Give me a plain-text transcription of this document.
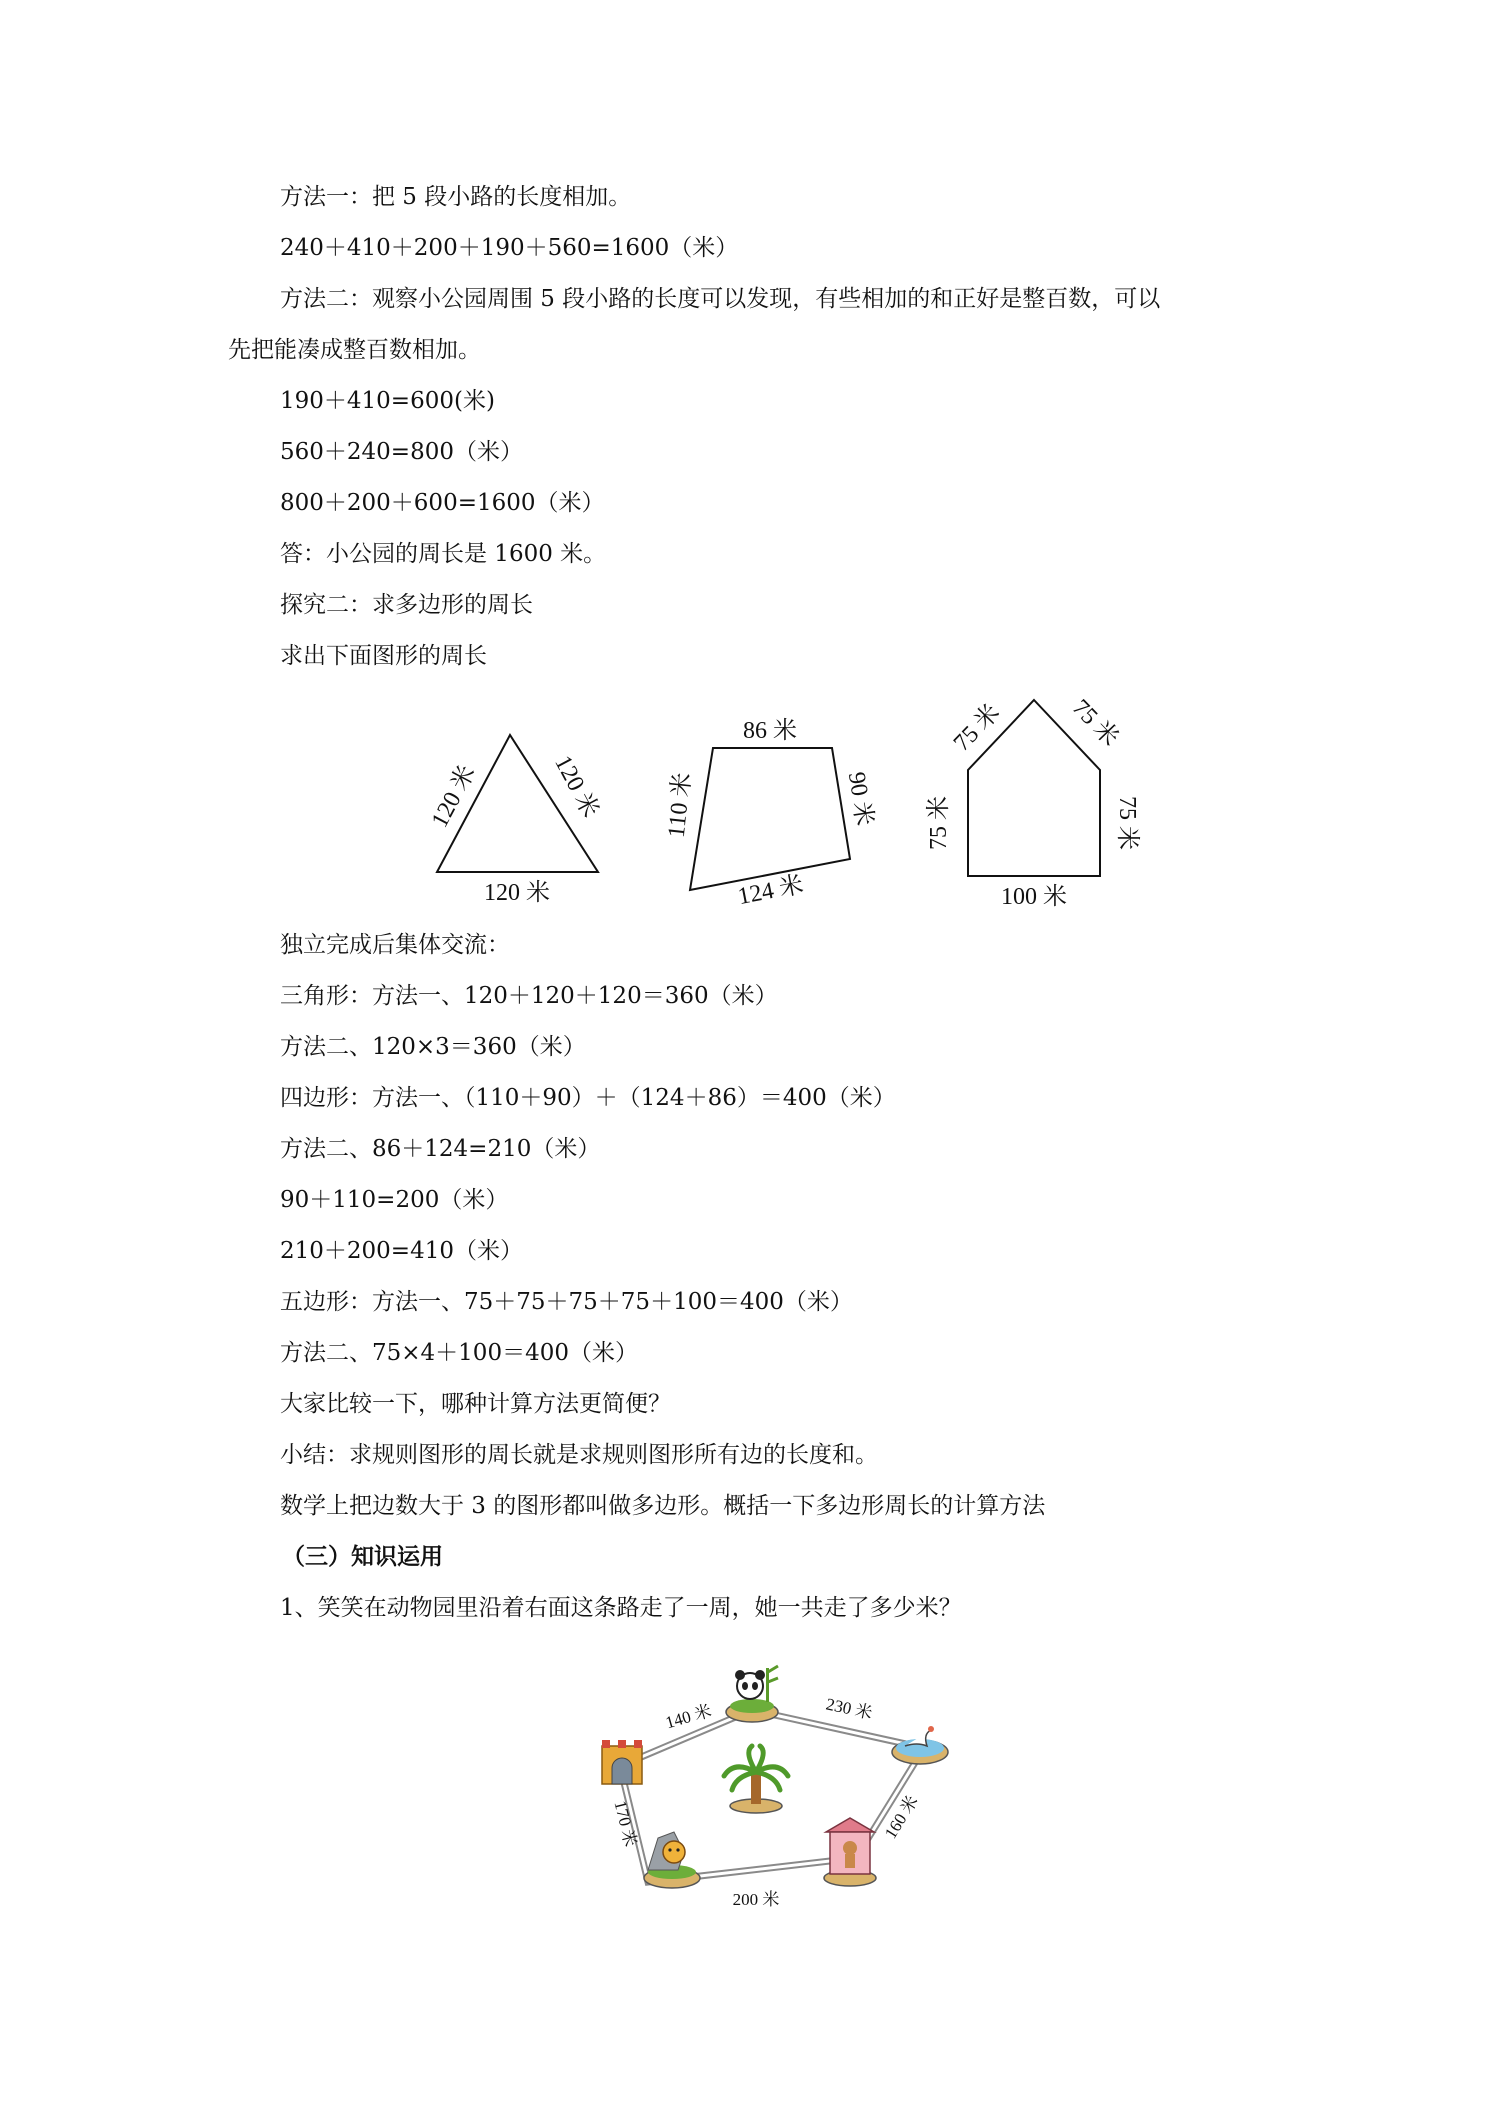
方法一：把 5 段小路的长度相加。
240＋410＋200＋190＋560=1600（米）
方法二：观察小公园周围 5 段小路的长度可以发现，有些相加的和正好是整百数，可以
先把能凑成整百数相加。
190＋410=600(米)
560＋240=800（米）
800＋200＋600=1600（米）
答：小公园的周长是 1600 米。
探究二：求多边形的周长
求出下面图形的周长
120 米	120 米
120 米
86 米
110 米	90 米
124 米
75 米	75 米
75 米	75 米
100 米
独立完成后集体交流：
三角形：方法一、120＋120＋120＝360（米）
方法二、120×3＝360（米）
四边形：方法一、（110＋90）＋（124＋86）＝400（米）
方法二、86＋124=210（米）
90＋110=200（米）
210＋200=410（米）
五边形：方法一、75＋75＋75＋75＋100＝400（米）
方法二、75×4＋100＝400（米）
大家比较一下，哪种计算方法更简便？
小结：求规则图形的周长就是求规则图形所有边的长度和。
数学上把边数大于 3 的图形都叫做多边形。概括一下多边形周长的计算方法
（三）知识运用
1、笑笑在动物园里沿着右面这条路走了一周，她一共走了多少米？
140 米	230 米
160 米
200 米
170 米
